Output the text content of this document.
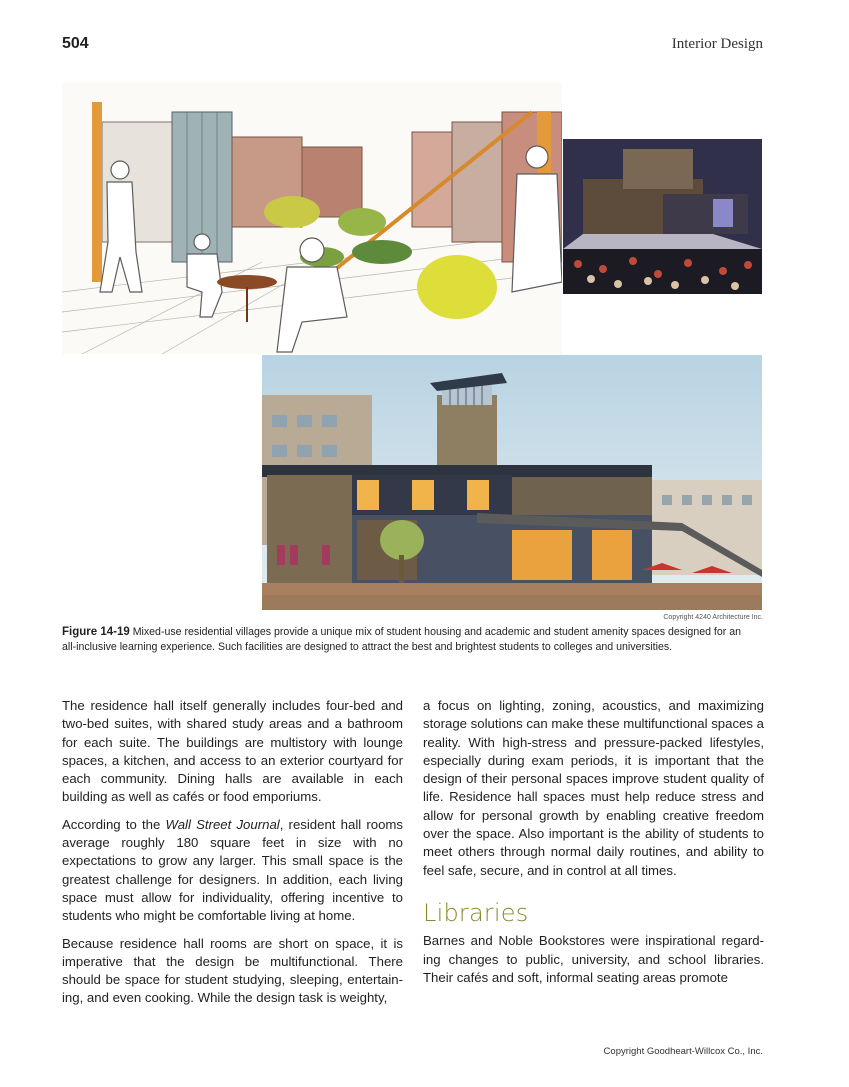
504	Interior Design
Copyright 4240 Architecture Inc.
Figure 14-19 Mixed-use residential villages provide a unique mix of student housing and academic and student amenity spaces designed for an all-inclusive learning experience. Such facilities are designed to attract the best and brightest students to colleges and universities.

The residence hall itself generally includes four-bed and two-bed suites, with shared study areas and a bathroom for each suite. The buildings are multistory with lounge spaces, a kitchen, and access to an exterior courtyard for each community. Dining halls are available in each building as well as cafés or food emporiums.

According to the Wall Street Journal, resident hall rooms average roughly 180 square feet in size with no expectations to grow any larger. This small space is the greatest challenge for designers. In addition, each living space must allow for individuality, offering incentive to students who might be comfortable living at home.

Because residence hall rooms are short on space, it is imperative that the design be multifunctional. There should be space for student studying, sleeping, entertain-ing, and even cooking. While the design task is weighty,

a focus on lighting, zoning, acoustics, and maximizing storage solutions can make these multifunctional spaces a reality. With high-stress and pressure-packed lifestyles, especially during exam periods, it is important that the design of their personal spaces improve student quality of life. Residence hall spaces must help reduce stress and allow for personal growth by enabling creative freedom over the space. Also important is the ability of students to meet others through normal daily routines, and ability to feel safe, secure, and in control at all times.

Libraries

Barnes and Noble Bookstores were inspirational regard-ing changes to public, university, and school libraries. Their cafés and soft, informal seating areas promote

Copyright Goodheart-Willcox Co., Inc.
